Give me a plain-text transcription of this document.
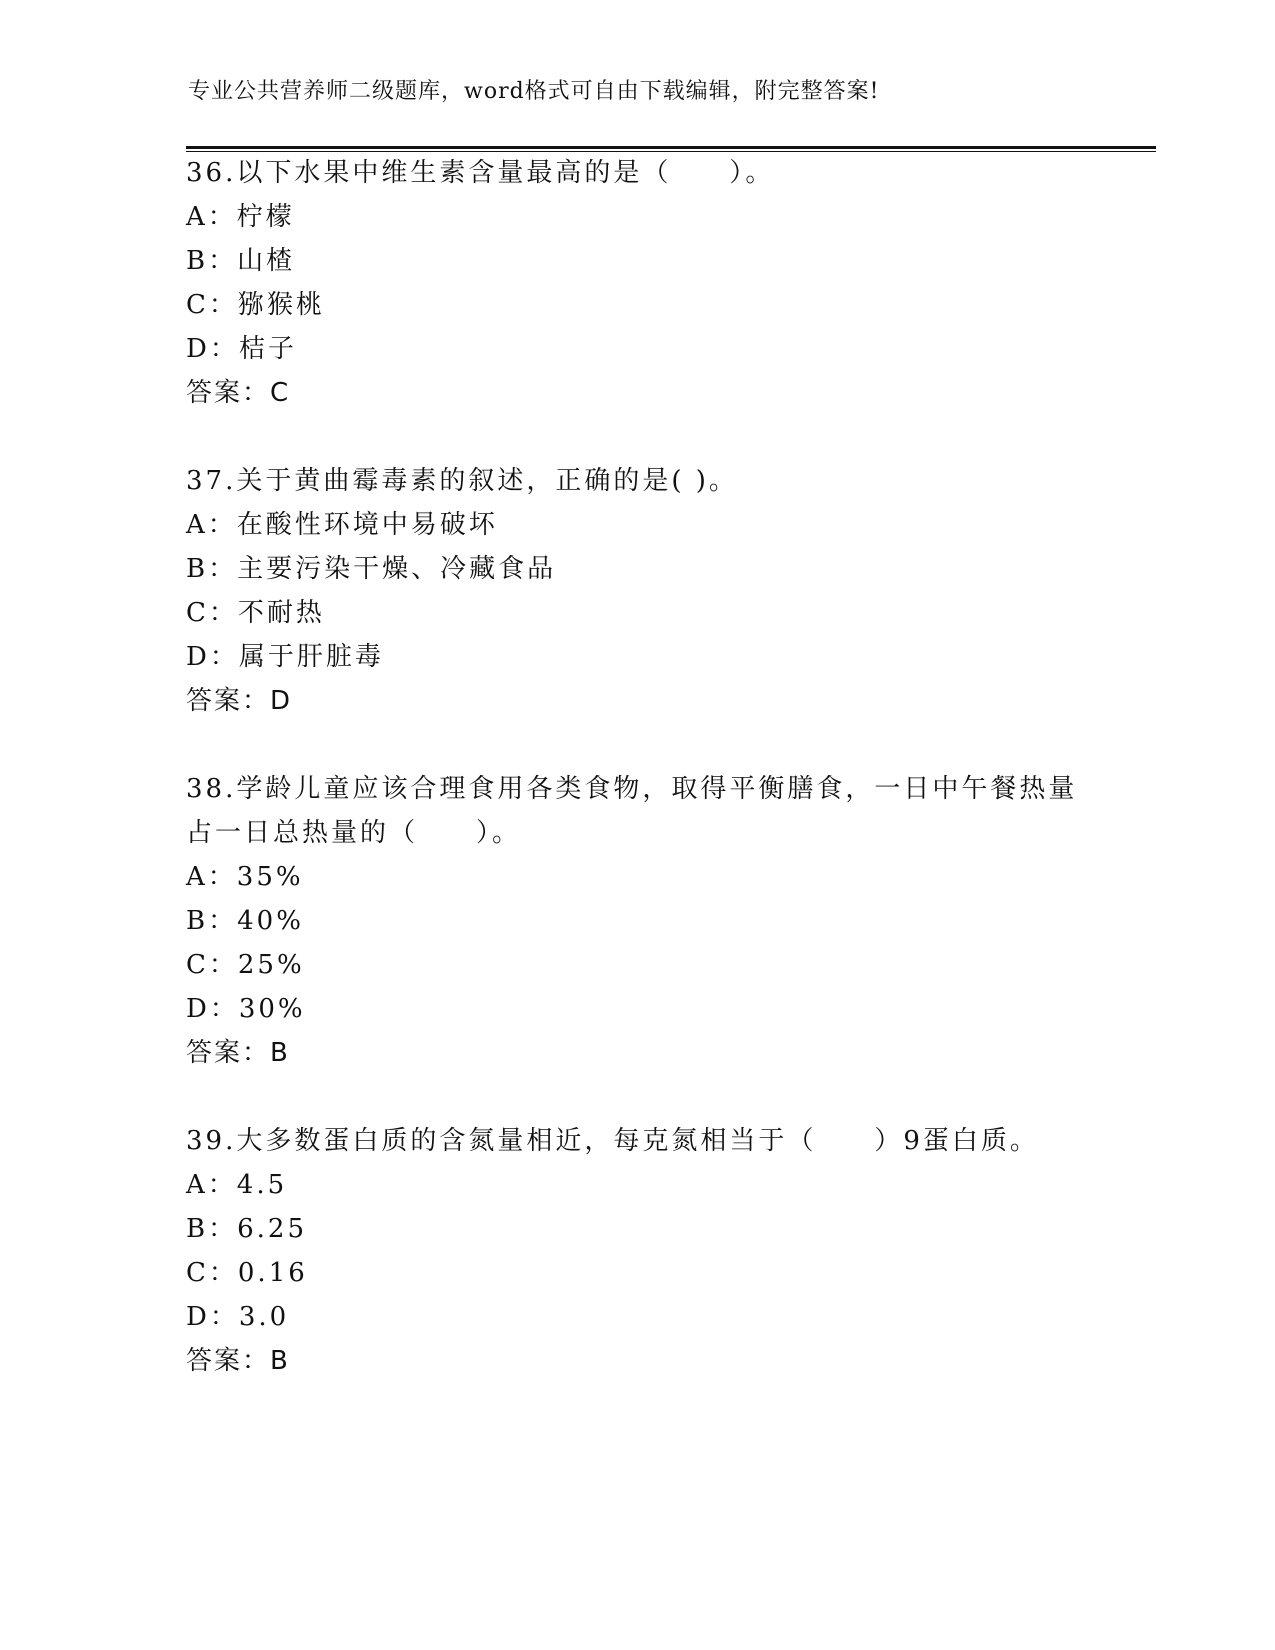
专业公共营养师二级题库，word格式可自由下载编辑，附完整答案!
36.以下水果中维生素含量最高的是（　　）。
A：柠檬
B：山楂
C：猕猴桃
D：桔子
答案：C
37.关于黄曲霉毒素的叙述，正确的是( )。
A：在酸性环境中易破坏
B：主要污染干燥、冷藏食品
C：不耐热
D：属于肝脏毒
答案：D
38.学龄儿童应该合理食用各类食物，取得平衡膳食，一日中午餐热量
占一日总热量的（　　）。
A：35%
B：40%
C：25%
D：30%
答案：B
39.大多数蛋白质的含氮量相近，每克氮相当于（　　）9蛋白质。
A：4.5
B：6.25
C：0.16
D：3.0
答案：B
